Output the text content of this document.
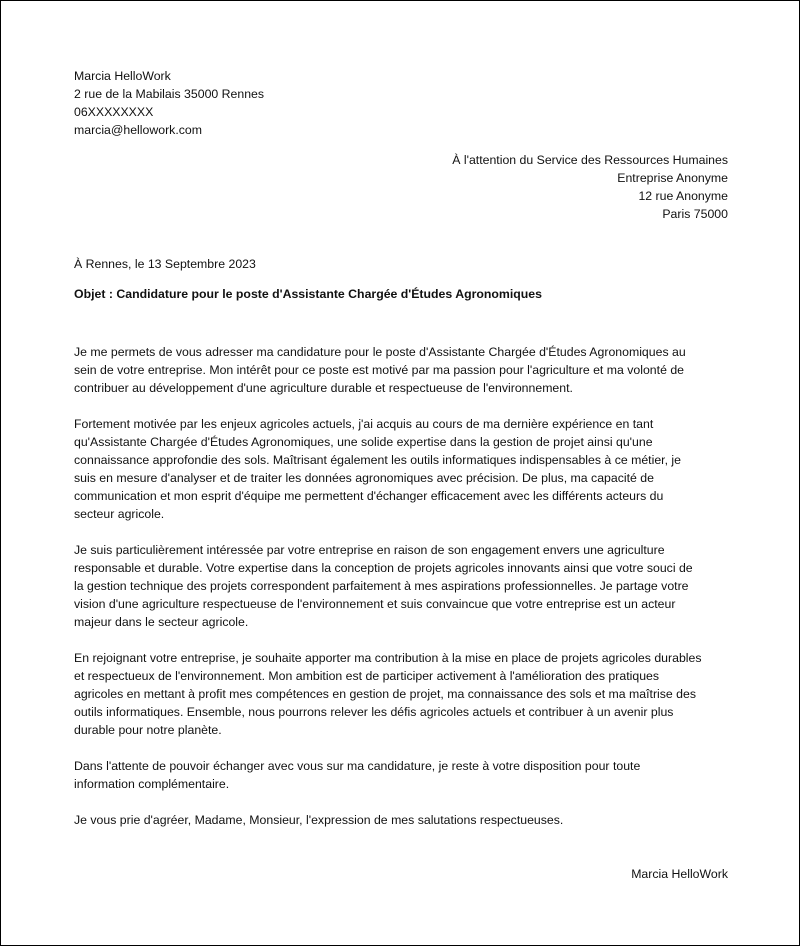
Marcia HelloWork
2 rue de la Mabilais 35000 Rennes
06XXXXXXXX
marcia@hellowork.com
À l'attention du Service des Ressources Humaines
Entreprise Anonyme
12 rue Anonyme
Paris 75000
À Rennes, le 13 Septembre 2023
Objet : Candidature pour le poste d'Assistante Chargée d'Études Agronomiques
Je me permets de vous adresser ma candidature pour le poste d'Assistante Chargée d'Études Agronomiques au
sein de votre entreprise. Mon intérêt pour ce poste est motivé par ma passion pour l'agriculture et ma volonté de
contribuer au développement d'une agriculture durable et respectueuse de l'environnement.
Fortement motivée par les enjeux agricoles actuels, j'ai acquis au cours de ma dernière expérience en tant
qu'Assistante Chargée d'Études Agronomiques, une solide expertise dans la gestion de projet ainsi qu'une
connaissance approfondie des sols. Maîtrisant également les outils informatiques indispensables à ce métier, je
suis en mesure d'analyser et de traiter les données agronomiques avec précision. De plus, ma capacité de
communication et mon esprit d'équipe me permettent d'échanger efficacement avec les différents acteurs du
secteur agricole.
Je suis particulièrement intéressée par votre entreprise en raison de son engagement envers une agriculture
responsable et durable. Votre expertise dans la conception de projets agricoles innovants ainsi que votre souci de
la gestion technique des projets correspondent parfaitement à mes aspirations professionnelles. Je partage votre
vision d'une agriculture respectueuse de l'environnement et suis convaincue que votre entreprise est un acteur
majeur dans le secteur agricole.
En rejoignant votre entreprise, je souhaite apporter ma contribution à la mise en place de projets agricoles durables
et respectueux de l'environnement. Mon ambition est de participer activement à l'amélioration des pratiques
agricoles en mettant à profit mes compétences en gestion de projet, ma connaissance des sols et ma maîtrise des
outils informatiques. Ensemble, nous pourrons relever les défis agricoles actuels et contribuer à un avenir plus
durable pour notre planète.
Dans l'attente de pouvoir échanger avec vous sur ma candidature, je reste à votre disposition pour toute
information complémentaire.
Je vous prie d'agréer, Madame, Monsieur, l'expression de mes salutations respectueuses.
Marcia HelloWork
